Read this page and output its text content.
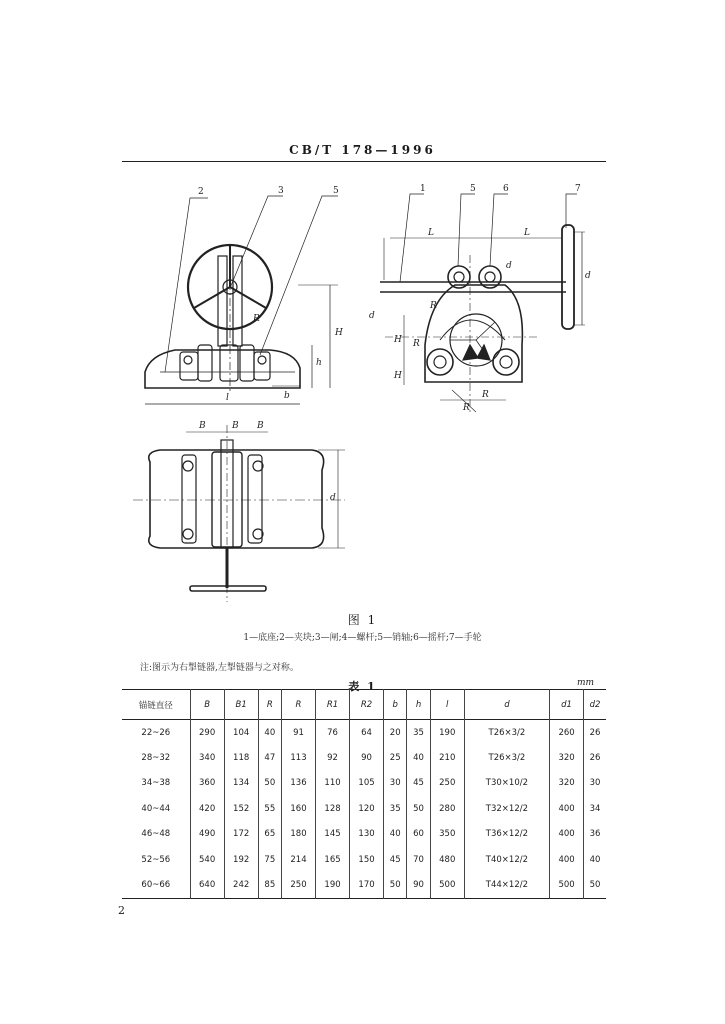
CB/T 178—1996
2	3	5
l
H
h
b
R
1	5	6	7
L	L
d
d
d
H
H
R
R
R
R
B	B B
d
图 1
1—底座;2—夹块;3—闸;4—螺杆;5—销轴;6—摇杆;7—手轮
注:图示为右掣链器,左掣链器与之对称。
表 1	mm
锚链直径	B	B1	R	R	R1	R2	b	h	l	d	d1	d2
22~26	290	104	40	91	76	64	20	35	190	T26×3/2	260	26
28~32	340	118	47	113	92	90	25	40	210	T26×3/2	320	26
34~38	360	134	50	136	110	105	30	45	250	T30×10/2	320	30
40~44	420	152	55	160	128	120	35	50	280	T32×12/2	400	34
46~48	490	172	65	180	145	130	40	60	350	T36×12/2	400	36
52~56	540	192	75	214	165	150	45	70	480	T40×12/2	400	40
60~66	640	242	85	250	190	170	50	90	500	T44×12/2	500	50
2
